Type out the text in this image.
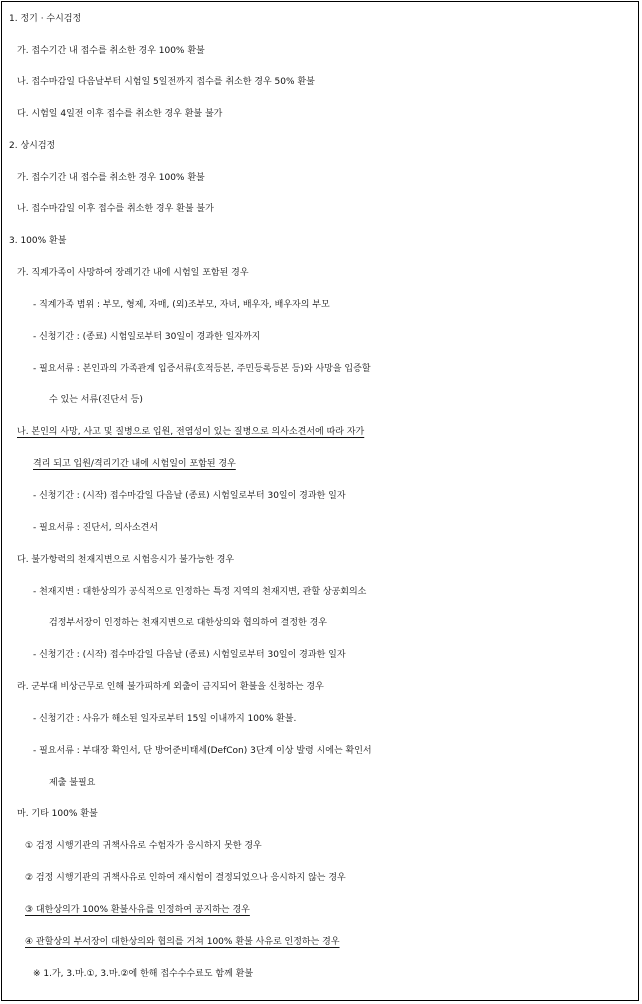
1. 정기 · 수시검정
가. 접수기간 내 접수를 취소한 경우 100% 환불
나. 접수마감일 다음날부터 시험일 5일전까지 접수를 취소한 경우 50% 환불
다. 시험일 4일전 이후 접수를 취소한 경우 환불 불가
2. 상시검정
가. 접수기간 내 접수를 취소한 경우 100% 환불
나. 접수마감일 이후 접수를 취소한 경우 환불 불가
3. 100% 환불
가. 직계가족이 사망하여 장례기간 내에 시험일 포함된 경우
- 직계가족 범위 : 부모, 형제, 자매, (외)조부모, 자녀, 배우자, 배우자의 부모
- 신청기간 : (종료) 시험일로부터 30일이 경과한 일자까지
- 필요서류 : 본인과의 가족관계 입증서류(호적등본, 주민등록등본 등)와 사망을 입증할
수 있는 서류(진단서 등)
나. 본인의 사망, 사고 및 질병으로 입원, 전염성이 있는 질병으로 의사소견서에 따라 자가
격리 되고 입원/격리기간 내에 시험일이 포함된 경우
- 신청기간 : (시작) 접수마감일 다음날 (종료) 시험일로부터 30일이 경과한 일자
- 필요서류 : 진단서, 의사소견서
다. 불가항력의 천재지변으로 시험응시가 불가능한 경우
- 천재지변 : 대한상의가 공식적으로 인정하는 특정 지역의 천재지변, 관할 상공회의소
검정부서장이 인정하는 천재지변으로 대한상의와 협의하여 결정한 경우
- 신청기간 : (시작) 접수마감일 다음날 (종료) 시험일로부터 30일이 경과한 일자
라. 군부대 비상근무로 인해 불가피하게 외출이 금지되어 환불을 신청하는 경우
- 신청기간 : 사유가 해소된 일자로부터 15일 이내까지 100% 환불.
- 필요서류 : 부대장 확인서, 단 방어준비태세(DefCon) 3단계 이상 발령 시에는 확인서
제출 불필요
마. 기타 100% 환불
① 검정 시행기관의 귀책사유로 수험자가 응시하지 못한 경우
② 검정 시행기관의 귀책사유로 인하여 재시험이 결정되었으나 응시하지 않는 경우
③ 대한상의가 100% 환불사유를 인정하여 공지하는 경우
④ 관할상의 부서장이 대한상의와 협의를 거쳐 100% 환불 사유로 인정하는 경우
※ 1.가, 3.마.①, 3.마.②에 한해 접수수수료도 함께 환불
